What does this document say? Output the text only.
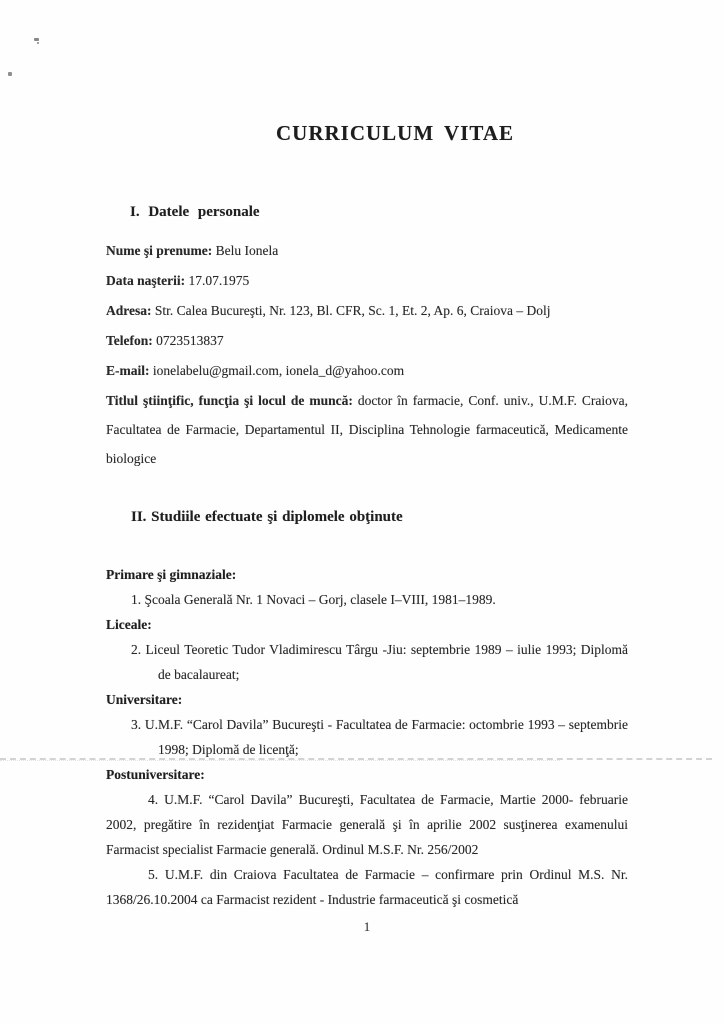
CURRICULUM VITAE
I. Datele personale
Nume şi prenume: Belu Ionela
Data naşterii: 17.07.1975
Adresa: Str. Calea Bucureşti, Nr. 123, Bl. CFR, Sc. 1, Et. 2, Ap. 6, Craiova – Dolj
Telefon: 0723513837
E-mail: ionelabelu@gmail.com, ionela_d@yahoo.com
Titlul ştiinţific, funcţia şi locul de muncă: doctor în farmacie, Conf. univ., U.M.F. Craiova, Facultatea de Farmacie, Departamentul II, Disciplina Tehnologie farmaceutică, Medicamente biologice
II. Studiile efectuate şi diplomele obţinute
Primare şi gimnaziale:
1. Şcoala Generală Nr. 1 Novaci – Gorj, clasele I–VIII, 1981–1989.
Liceale:
2. Liceul Teoretic Tudor Vladimirescu Târgu -Jiu: septembrie 1989 – iulie 1993; Diplomă de bacalaureat;
Universitare:
3. U.M.F. “Carol Davila” Bucureşti - Facultatea de Farmacie: octombrie 1993 – septembrie 1998; Diplomă de licenţă;
Postuniversitare:
4. U.M.F. “Carol Davila” Bucureşti, Facultatea de Farmacie, Martie 2000- februarie 2002, pregătire în rezidenţiat Farmacie generală şi în aprilie 2002 susţinerea examenului Farmacist specialist Farmacie generală. Ordinul M.S.F. Nr. 256/2002
5. U.M.F. din Craiova Facultatea de Farmacie – confirmare prin Ordinul M.S. Nr. 1368/26.10.2004 ca Farmacist rezident - Industrie farmaceutică şi cosmetică
1
